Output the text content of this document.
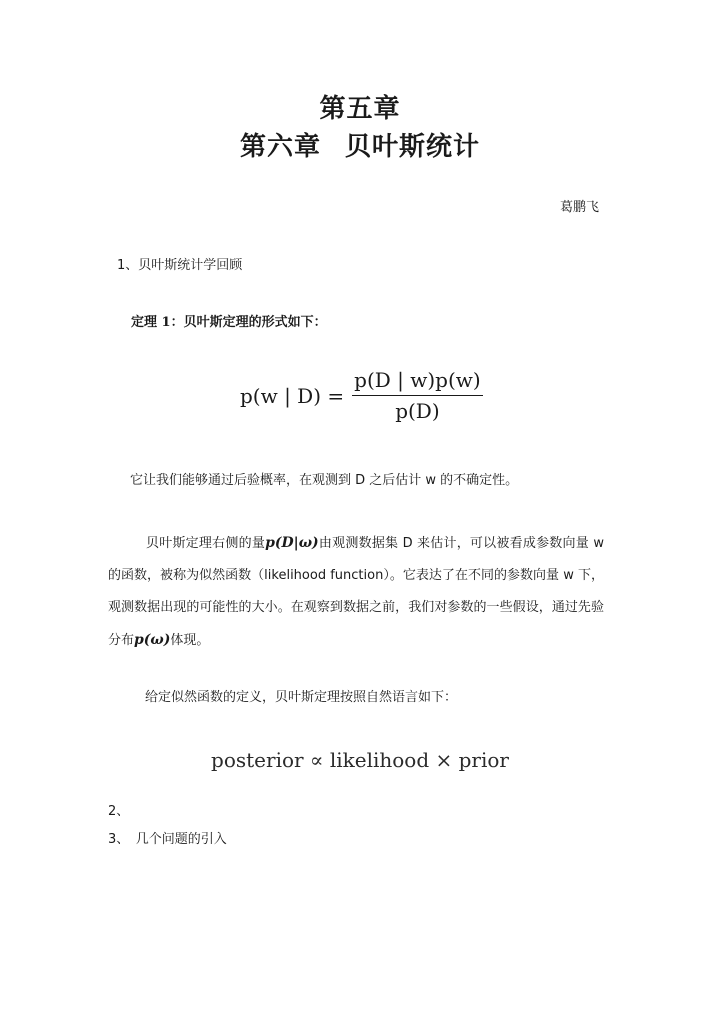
第五章
第六章 贝叶斯统计
葛鹏飞
1、贝叶斯统计学回顾
定理 1：贝叶斯定理的形式如下：
p(w | $D) = \frac{p(D | w)p(w)}{p(D)}$
它让我们能够通过后验概率，在观测到 D 之后估计 w 的不确定性。
贝叶斯定理右侧的量p(D|ω)由观测数据集 D 来估计，可以被看成参数向量 w 的函数，被称为似然函数（likelihood function）。它表达了在不同的参数向量 w 下，观测数据出现的可能性的大小。在观察到数据之前，我们对参数的一些假设，通过先验分布p(ω)体现。
给定似然函数的定义，贝叶斯定理按照自然语言如下：
posterior ∝ likelihood × prior
2、
3、　几个问题的引入
